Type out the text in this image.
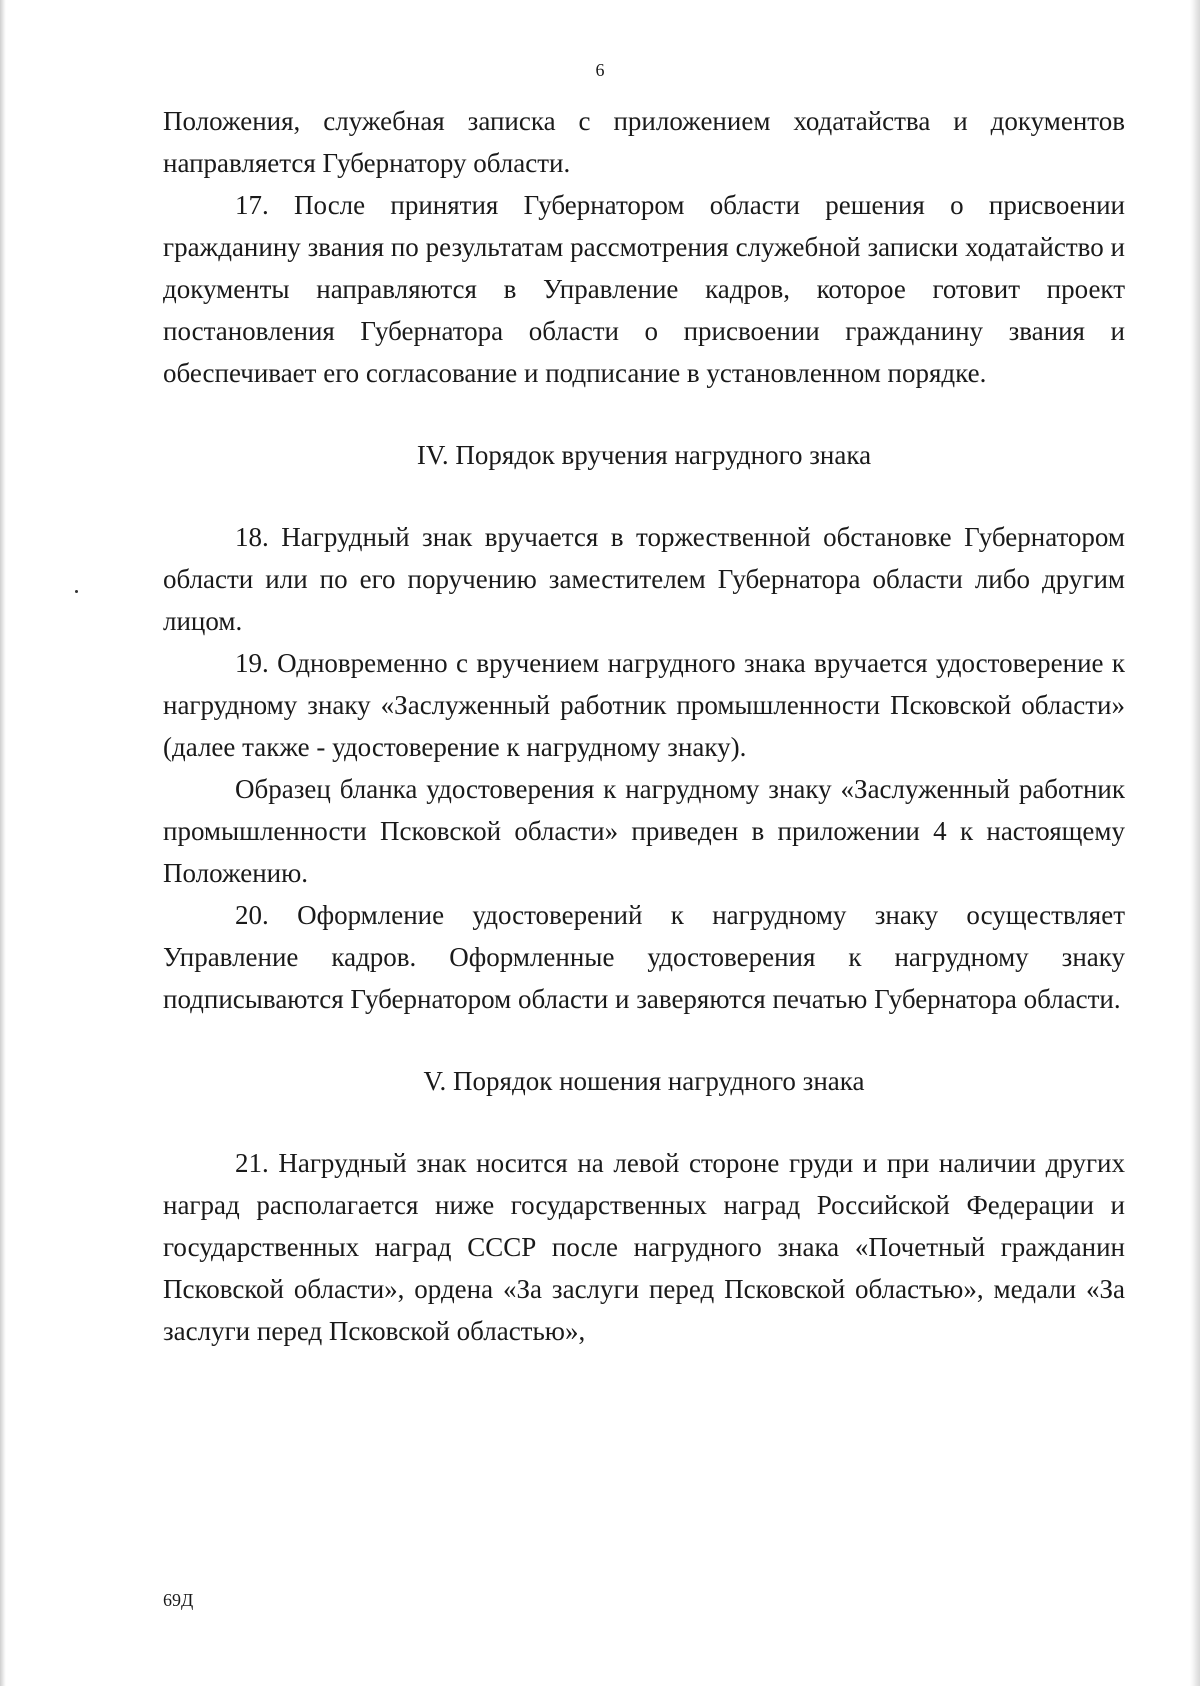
6

Положения, служебная записка с приложением ходатайства и документов направляется Губернатору области.

17. После принятия Губернатором области решения о присвоении гражданину звания по результатам рассмотрения служебной записки ходатайство и документы направляются в Управление кадров, которое готовит проект постановления Губернатора области о присвоении гражданину звания и обеспечивает его согласование и подписание в установленном порядке.

IV. Порядок вручения нагрудного знака

18. Нагрудный знак вручается в торжественной обстановке Губернатором области или по его поручению заместителем Губернатора области либо другим лицом.

19. Одновременно с вручением нагрудного знака вручается удостоверение к нагрудному знаку «Заслуженный работник промышленности Псковской области» (далее также - удостоверение к нагрудному знаку).

Образец бланка удостоверения к нагрудному знаку «Заслуженный работник промышленности Псковской области» приведен в приложении 4 к настоящему Положению.

20. Оформление удостоверений к нагрудному знаку осуществляет Управление кадров. Оформленные удостоверения к нагрудному знаку подписываются Губернатором области и заверяются печатью Губернатора области.

V. Порядок ношения нагрудного знака

21. Нагрудный знак носится на левой стороне груди и при наличии других наград располагается ниже государственных наград Российской Федерации и государственных наград СССР после нагрудного знака «Почетный гражданин Псковской области», ордена «За заслуги перед Псковской областью», медали «За заслуги перед Псковской областью»,

69Д
